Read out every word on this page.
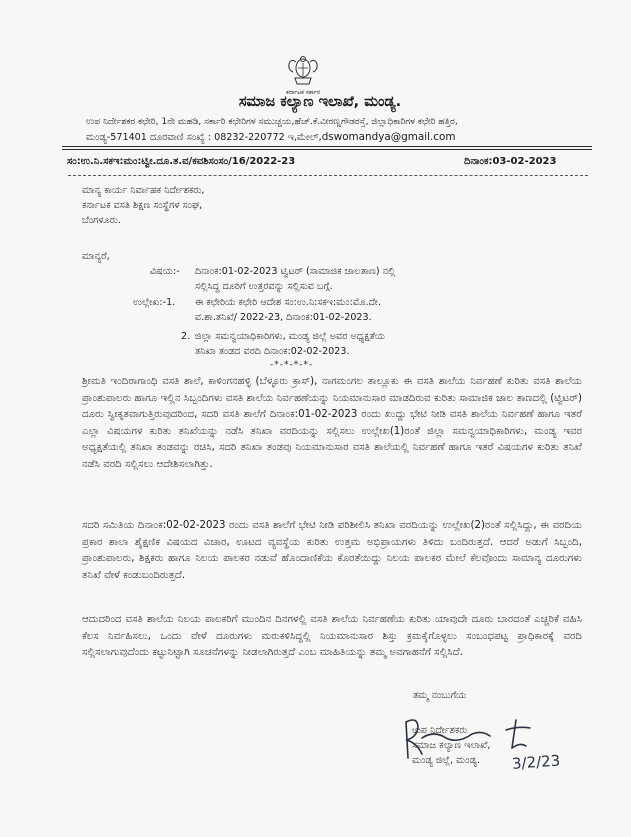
ಕರ್ನಾಟಕ ಸರ್ಕಾರ
ಸಮಾಜ ಕಲ್ಯಾಣ ಇಲಾಖೆ, ಮಂಡ್ಯ.
ಉಪ ನಿರ್ದೇಶಕರ ಕಛೇರಿ, 1ನೇ ಮಹಡಿ, ಸರ್ಕಾರಿ ಕಛೇರಿಗಳ ಸಮುಚ್ಚಯ,ಹೆಚ್.ಕೆ.ವೀರಣ್ಣಗೌಡರಸ್ತೆ, ಜಿಲ್ಲಾಧಿಕಾರಿಗಳ ಕಛೇರಿ ಹತ್ತಿರ,
ಮಂಡ್ಯ-571401 ದೂರವಾಣಿ ಸಂಖ್ಯೆ : 08232-220772 ಇ,ಮೇಲ್,dswomandya@gmail.com
ಸಂ:ಉ.ನಿ.ಸಕಇ:ಮಂ:ಟ್ವೀ.ದೂ.ತ.ವ/ಕವಶಿಸಂಸಂ/16/2022-23	ದಿನಾಂಕ:03-02-2023
ಮಾನ್ಯ ಕಾರ್ಯ ನಿರ್ವಾಹಕ ನಿರ್ದೇಶಕರು,
ಕರ್ನಾಟಕ ವಸತಿ ಶಿಕ್ಷಣ ಸಂಸ್ಥೆಗಳ ಸಂಘ,
ಬೆಂಗಳೂರು.
ಮಾನ್ಯರೆ,
ವಿಷಯ:- ದಿನಾಂಕ:01-02-2023 ಟ್ವಿಟರ್ (ಸಾಮಾಜಿಕ ಜಾಲತಾಣ) ನಲ್ಲಿ
ಸಲ್ಲಿಸಿದ್ದ ದೂರಿಗೆ ಉತ್ತರವನ್ನು ಸಲ್ಲಿಸುವ ಬಗ್ಗೆ.
ಉಲ್ಲೇಖ:-1. ಈ ಕಛೇರಿಯ ಕಛೇರಿ ಆದೇಶ ಸಂ:ಉ.ನಿ:ಸಕಇ:ಮಂ:ಮೊ.ದೇ.
ವ.ಶಾ.ತನಿಖೆ/ 2022-23, ದಿನಾಂಕ:01-02-2023.
2. ಜಿಲ್ಲಾ ಸಮನ್ವಯಾಧಿಕಾರಿಗಳು, ಮಂಡ್ಯ ಜಿಲ್ಲೆ ಅವರ ಅಧ್ಯಕ್ಷತೆಯ
ತನಿಖಾ ತಂಡದ ವರದಿ ದಿನಾಂಕ:02-02-2023.
-*-*-*-*-
ಶ್ರೀಮತಿ ಇಂದಿರಾಗಾಂಧಿ ವಸತಿ ಶಾಲೆ, ಕಾಳಿಂಗನಹಳ್ಳಿ (ಬೆಳ್ಳೂರು ಕ್ರಾಸ್), ನಾಗಮಂಗಲ ತಾಲ್ಲೂಕು ಈ ವಸತಿ ಶಾಲೆಯ ನಿರ್ವಹಣೆ ಕುರಿತು ವಸತಿ ಶಾಲೆಯ ಪ್ರಾಂಶುಪಾಲರು ಹಾಗೂ ಇಲ್ಲಿನ ಸಿಬ್ಬಂದಿಗಳು ವಸತಿ ಶಾಲೆಯ ನಿರ್ವಹಣೆಯನ್ನು ನಿಯಮಾನುಸಾರ ಮಾಡದಿರುವ ಕುರಿತು ಸಾಮಾಜಿಕ ಜಾಲ ತಾಣದಲ್ಲಿ (ಟ್ವಿಟರ್) ದೂರು ಸ್ವೀಕೃತವಾಗುತ್ತಿರುವುದರಿಂದ, ಸದರಿ ವಸತಿ ಶಾಲೆಗೆ ದಿನಾಂಕ:01-02-2023 ರಂದು ಖುದ್ದು ಭೇಟಿ ನೀಡಿ ವಸತಿ ಶಾಲೆಯ ನಿರ್ವಹಣೆ ಹಾಗೂ ಇತರೆ ಎಲ್ಲಾ ವಿಷಯಗಳ ಕುರಿತು ತನಿಖೆಯನ್ನು ನಡೆಸಿ ತನಿಖಾ ವರದಿಯನ್ನು ಸಲ್ಲಿಸಲು ಉಲ್ಲೇಖ(1)ರಂತೆ ಜಿಲ್ಲಾ ಸಮನ್ವಯಾಧಿಕಾರಿಗಳು, ಮಂಡ್ಯ ಇವರ ಅಧ್ಯಕ್ಷತೆಯಲ್ಲಿ ತನಿಖಾ ತಂಡವನ್ನು ರಚಿಸಿ, ಸದರಿ ತನಿಖಾ ತಂಡವು ನಿಯಮಾನುಸಾರ ವಸತಿ ಶಾಲೆಯಲ್ಲಿ ನಿರ್ವಹಣೆ ಹಾಗೂ ಇತರೆ ವಿಷಯಗಳ ಕುರಿತು ತನಿಖೆ ನಡೆಸಿ ವರದಿ ಸಲ್ಲಿಸಲು ಆದೇಶಿಸಲಾಗಿತ್ತು.
ಸದರಿ ಸಮಿತಿಯ ದಿನಾಂಕ:02-02-2023 ರಂದು ವಸತಿ ಶಾಲೆಗೆ ಭೇಟಿ ನೀಡಿ ಪರಿಶೀಲಿಸಿ ತನಿಖಾ ವರದಿಯನ್ನು ಉಲ್ಲೇಖ(2)ರಂತೆ ಸಲ್ಲಿಸಿದ್ದು, ಈ ವರದಿಯ ಪ್ರಕಾರ ಶಾಲಾ ಶೈಕ್ಷಣಿಕ ವಿಷಯದ ವಿಚಾರ, ಊಟದ ವ್ಯವಸ್ಥೆಯ ಕುರಿತು ಉತ್ತಮ ಅಭಿಪ್ರಾಯಗಳು ತಿಳಿದು ಬಂದಿರುತ್ತದೆ. ಆದರೆ ಅಡುಗೆ ಸಿಬ್ಬಂದಿ, ಪ್ರಾಂಶುಪಾಲರು, ಶಿಕ್ಷಕರು ಹಾಗೂ ನಿಲಯ ಪಾಲಕರ ನಡುವೆ ಹೊಂದಾಣಿಕೆಯ ಕೊರತೆಯಿದ್ದು ನಿಲಯ ಪಾಲಕರ ಮೇಲೆ ಕೆಲವೊಂದು ಸಾಮಾನ್ಯ ದೂರುಗಳು ತನಿಖೆ ವೇಳೆ ಕಂಡುಬಂದಿರುತ್ತದೆ.
ಆದುದರಿಂದ ವಸತಿ ಶಾಲೆಯ ನಿಲಯ ಪಾಲಕರಿಗೆ ಮುಂದಿನ ದಿನಗಳಲ್ಲಿ ವಸತಿ ಶಾಲೆಯ ನಿರ್ವಹಣೆಯ ಕುರಿತು ಯಾವುದೇ ದೂರು ಬಾರದಂತೆ ಎಚ್ಚರಿಕೆ ವಹಿಸಿ ಕೆಲಸ ನಿರ್ವಹಿಸಲು, ಒಂದು ವೇಳೆ ದೂರುಗಳು ಮರುಕಳಿಸಿದ್ದಲ್ಲಿ ನಿಯಮಾನುಸಾರ ಶಿಸ್ತು ಕ್ರಮಕೈಗೊಳ್ಳಲು ಸಂಬಂಧಪಟ್ಟ ಪ್ರಾಧಿಕಾರಕ್ಕೆ ವರದಿ ಸಲ್ಲಿಸಲಾಗುವುದೆಂದು ಕಟ್ಟುನಿಟ್ಟಾಗಿ ಸೂಚನೆಗಳನ್ನು ನೀಡಲಾಗಿರುತ್ತದೆ ಎಂಬ ಮಾಹಿತಿಯನ್ನು ತಮ್ಮ ಅವಗಾಹನೆಗೆ ಸಲ್ಲಿಸಿದೆ.
ತಮ್ಮ ನಂಬುಗೆಯ
3/2/23
ಉಪ ನಿರ್ದೇಶಕರು
ಸಮಾಜ ಕಲ್ಯಾಣ ಇಲಾಖೆ,
ಮಂಡ್ಯ ಜಿಲ್ಲೆ, ಮಂಡ್ಯ.
